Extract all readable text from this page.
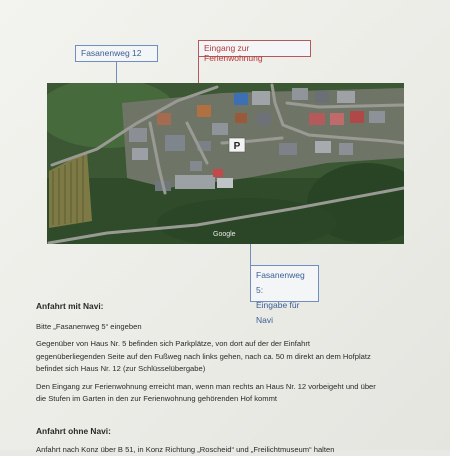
Fasanenweg 12	Eingang zur Ferienwohnung
Fasanenweg 5:
Eingabe für Navi
P
Google
Anfahrt mit Navi:
Bitte „Fasanenweg 5“ eingeben
Gegenüber von Haus Nr. 5 befinden sich Parkplätze, von dort auf der der Einfahrt
gegenüberliegenden Seite auf den Fußweg nach links gehen, nach ca. 50 m direkt an dem Hofplatz
befindet sich Haus Nr. 12 (zur Schlüsselübergabe)
Den Eingang zur Ferienwohnung erreicht man, wenn man rechts an Haus Nr. 12 vorbeigeht und über
die Stufen im Garten in den zur Ferienwohnung gehörenden Hof kommt
Anfahrt ohne Navi:
Anfahrt nach Konz über B 51, in Konz Richtung „Roscheid“ und „Freilichtmuseum“ halten
